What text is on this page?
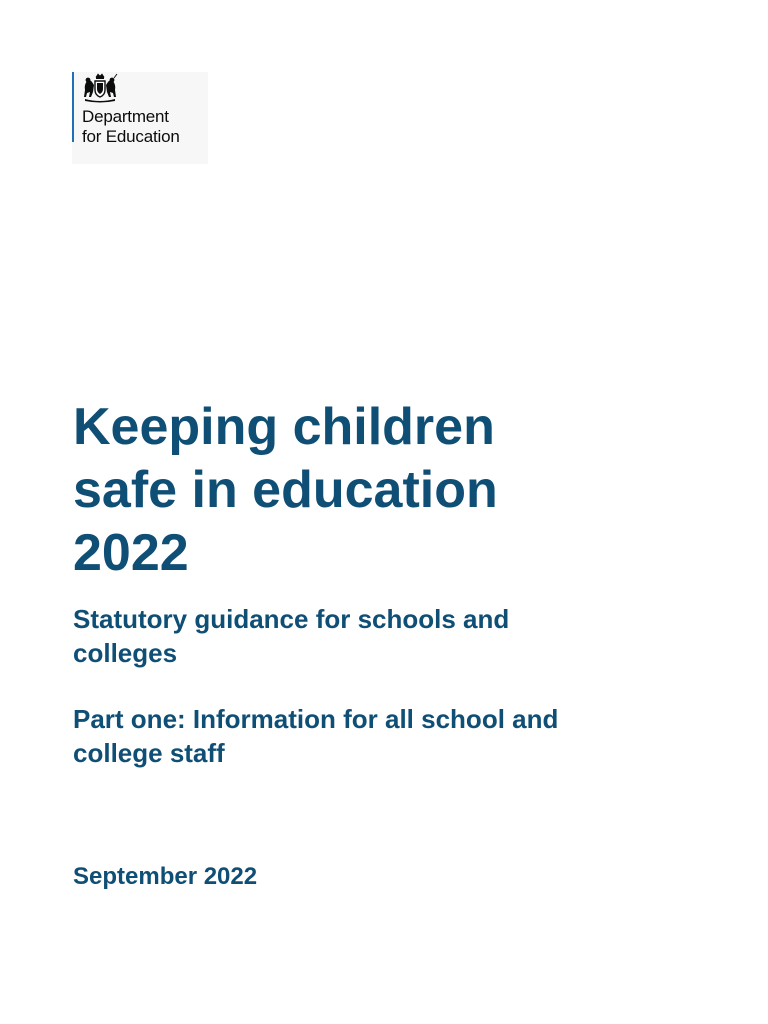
Department
for Education
Keeping children
safe in education
2022
Statutory guidance for schools and
colleges
Part one: Information for all school and
college staff

September 2022
